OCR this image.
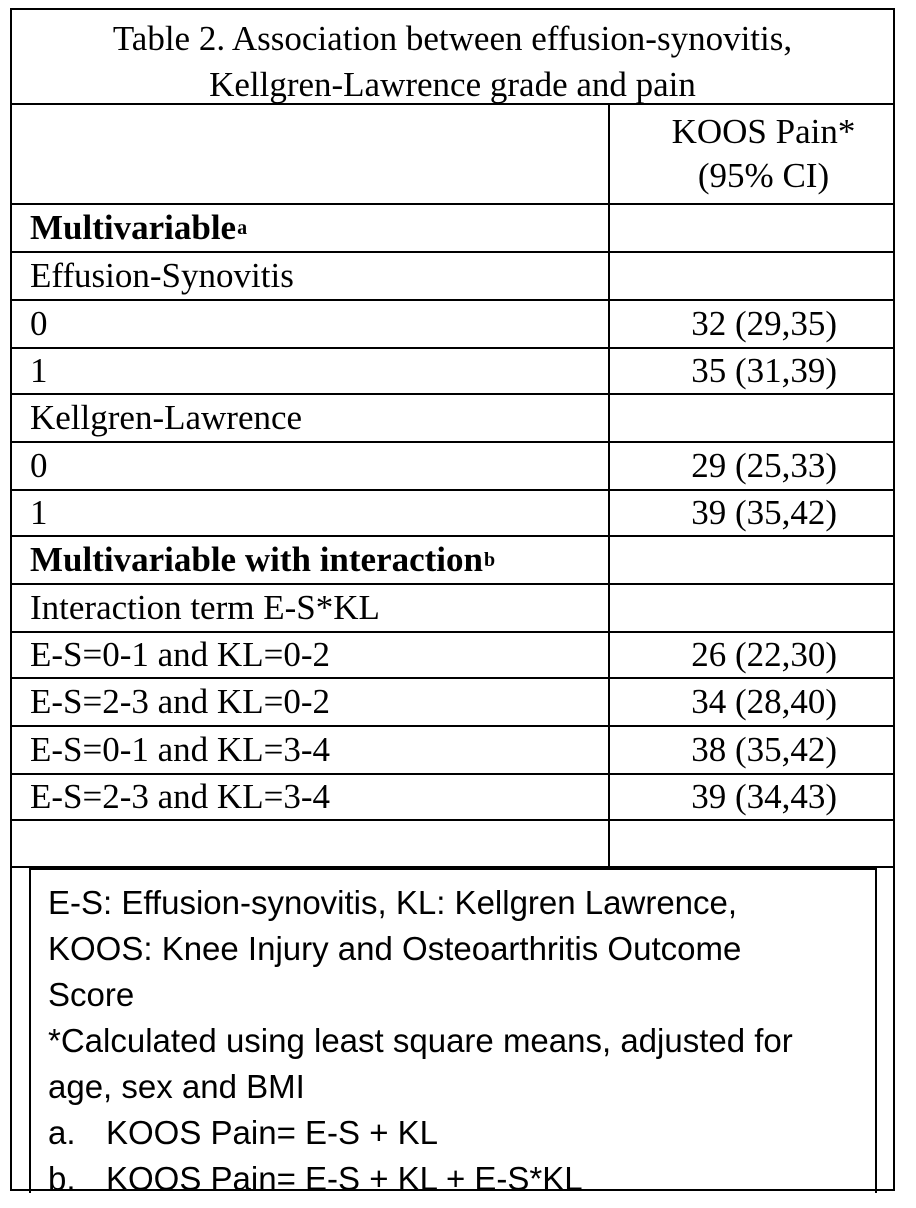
Table 2. Association between effusion-synovitis,
Kellgren-Lawrence grade and pain
KOOS Pain*
(95% CI)
Multivariable a
Effusion-Synovitis
0	32 (29,35)
1	35 (31,39)
Kellgren-Lawrence
0	29 (25,33)
1	39 (35,42)
Multivariable with interaction b
Interaction term E-S*KL
E-S=0-1 and KL=0-2	26 (22,30)
E-S=2-3 and KL=0-2	34 (28,40)
E-S=0-1 and KL=3-4	38 (35,42)
E-S=2-3 and KL=3-4	39 (34,43)
E-S: Effusion-synovitis, KL: Kellgren Lawrence,
KOOS: Knee Injury and Osteoarthritis Outcome
Score
*Calculated using least square means, adjusted for
age, sex and BMI
a. KOOS Pain= E-S + KL
b. KOOS Pain= E-S + KL + E-S*KL
